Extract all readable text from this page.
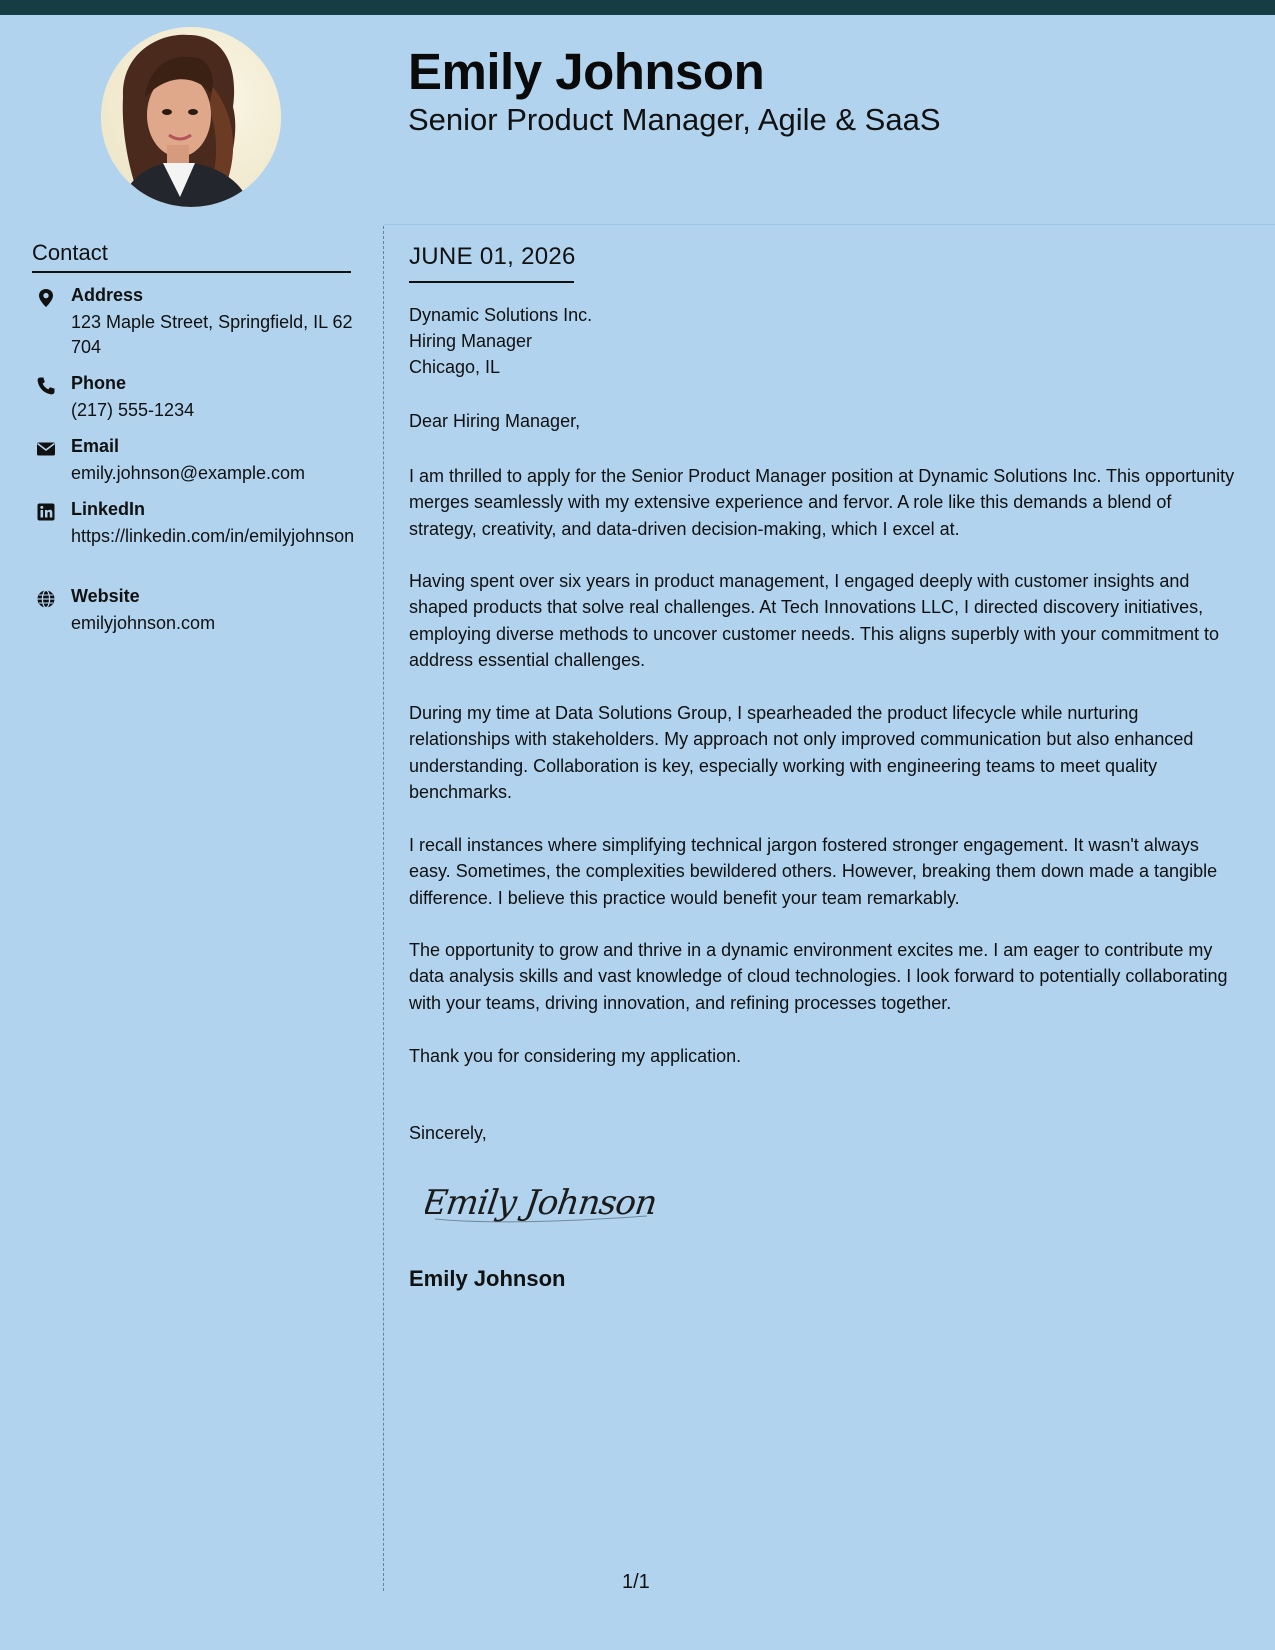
Emily Johnson
Senior Product Manager, Agile & SaaS
Contact
Address
123 Maple Street, Springfield, IL 62704
Phone
(217) 555-1234
Email
emily.johnson@example.com
LinkedIn
https://linkedin.com/in/emilyjohnson
Website
emilyjohnson.com
JUNE 01, 2026
Dynamic Solutions Inc.
Hiring Manager
Chicago, IL
Dear Hiring Manager,
I am thrilled to apply for the Senior Product Manager position at Dynamic Solutions Inc. This opportunity merges seamlessly with my extensive experience and fervor. A role like this demands a blend of strategy, creativity, and data-driven decision-making, which I excel at.
Having spent over six years in product management, I engaged deeply with customer insights and shaped products that solve real challenges. At Tech Innovations LLC, I directed discovery initiatives, employing diverse methods to uncover customer needs. This aligns superbly with your commitment to address essential challenges.
During my time at Data Solutions Group, I spearheaded the product lifecycle while nurturing relationships with stakeholders. My approach not only improved communication but also enhanced understanding. Collaboration is key, especially working with engineering teams to meet quality benchmarks.
I recall instances where simplifying technical jargon fostered stronger engagement. It wasn't always easy. Sometimes, the complexities bewildered others. However, breaking them down made a tangible difference. I believe this practice would benefit your team remarkably.
The opportunity to grow and thrive in a dynamic environment excites me. I am eager to contribute my data analysis skills and vast knowledge of cloud technologies. I look forward to potentially collaborating with your teams, driving innovation, and refining processes together.
Thank you for considering my application.
Sincerely,
Emily Johnson
Emily Johnson
1/1
